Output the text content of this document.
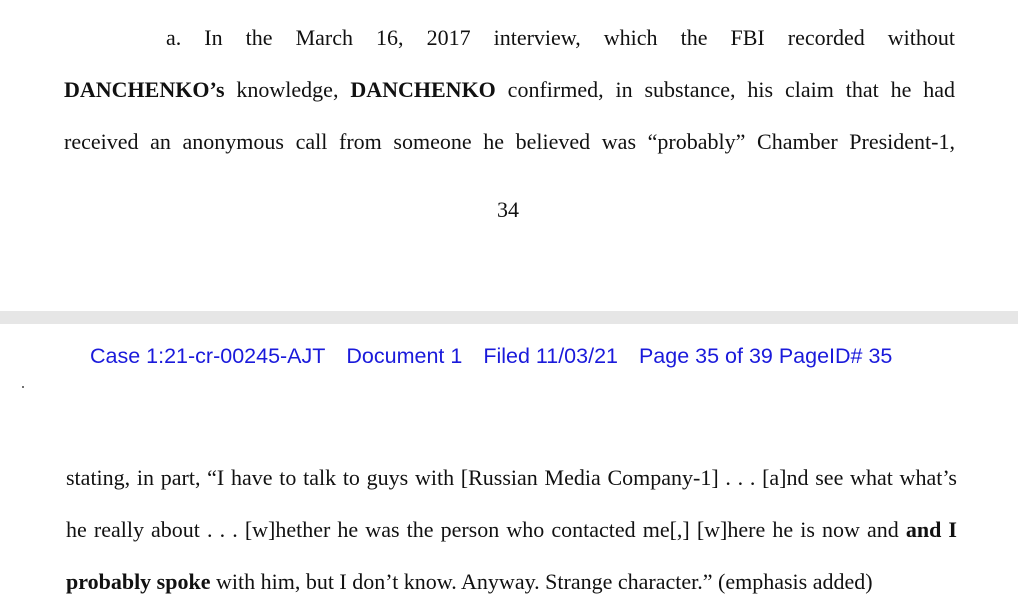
a. In the March 16, 2017 interview, which the FBI recorded without
DANCHENKO’s knowledge, DANCHENKO confirmed, in substance, his claim that he had
received an anonymous call from someone he believed was “probably” Chamber President-1,
34
Case 1:21-cr-00245-AJT Document 1 Filed 11/03/21 Page 35 of 39 PageID# 35
stating, in part, “I have to talk to guys with [Russian Media Company-1] . . . [a]nd see what what’s
he really about . . . [w]hether he was the person who contacted me[,] [w]here he is now and and I
probably spoke with him, but I don’t know. Anyway. Strange character.” (emphasis added)
